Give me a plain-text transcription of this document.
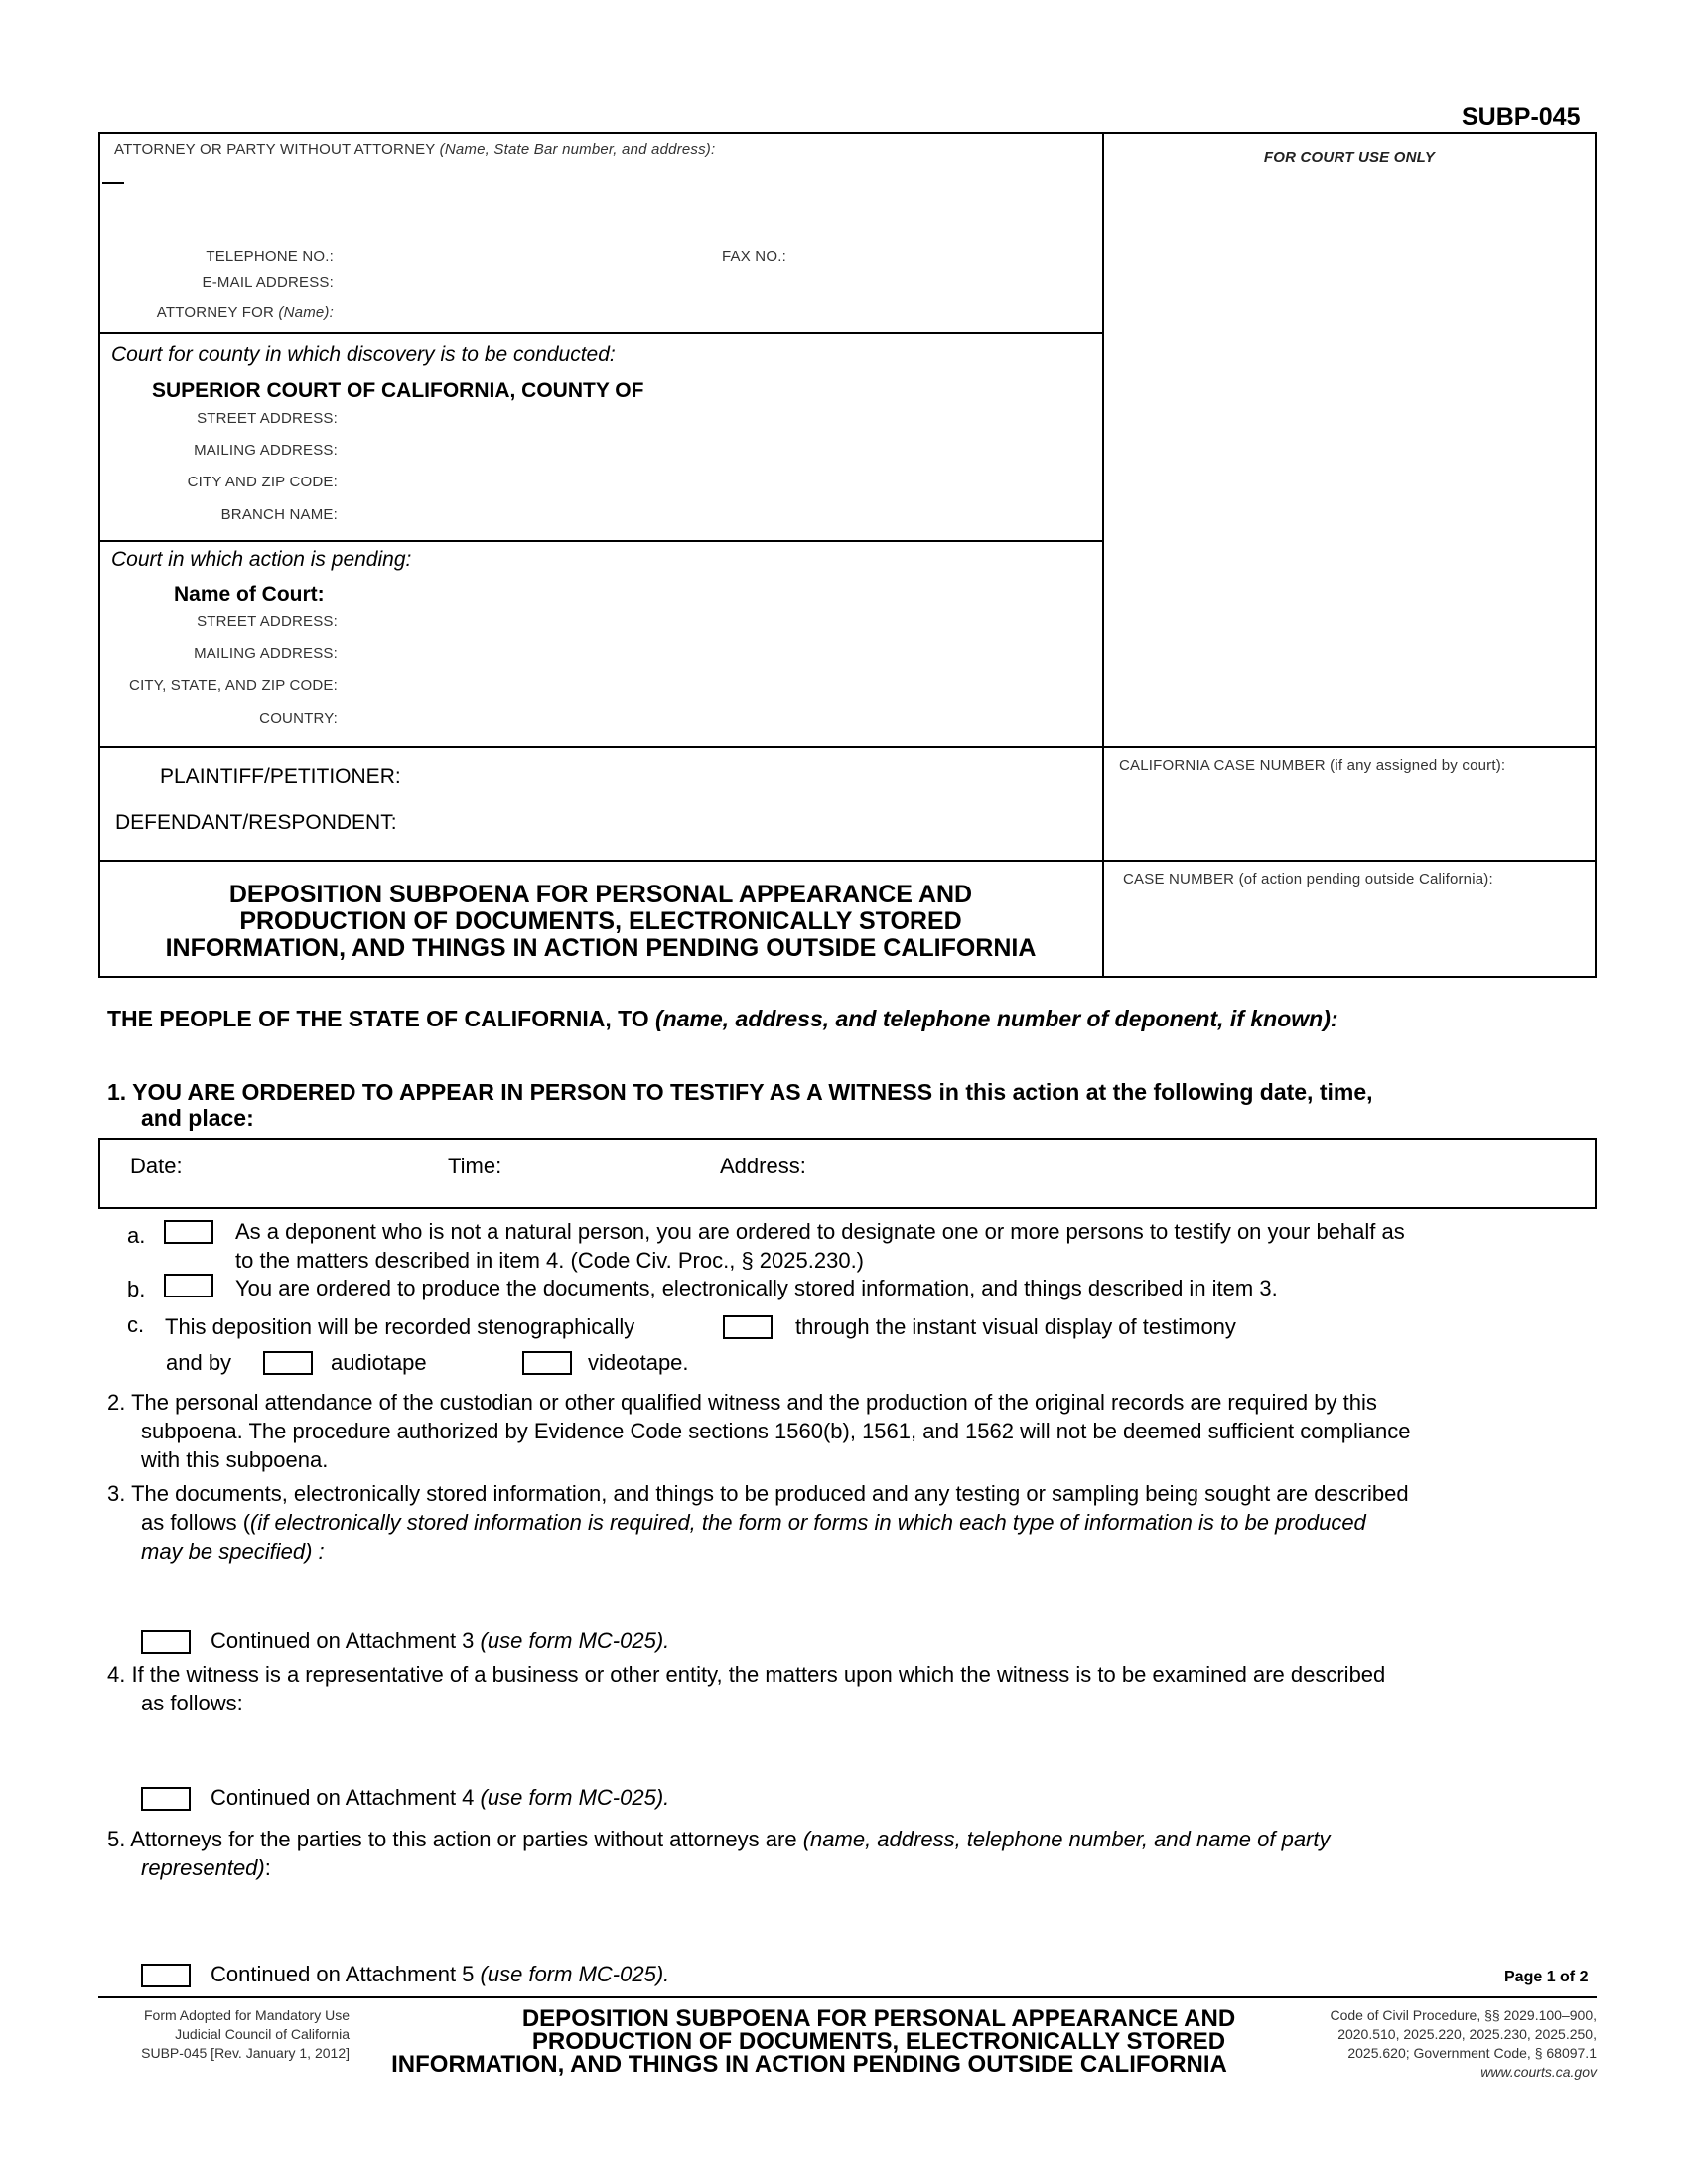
SUBP-045
ATTORNEY OR PARTY WITHOUT ATTORNEY (Name, State Bar number, and address):
TELEPHONE NO.:	FAX NO.:
E-MAIL ADDRESS:
ATTORNEY FOR (Name):
FOR COURT USE ONLY
Court for county in which discovery is to be conducted:
SUPERIOR COURT OF CALIFORNIA, COUNTY OF
STREET ADDRESS:
MAILING ADDRESS:
CITY AND ZIP CODE:
BRANCH NAME:
Court in which action is pending:
Name of Court:
STREET ADDRESS:
MAILING ADDRESS:
CITY, STATE, AND ZIP CODE:
COUNTRY:
PLAINTIFF/PETITIONER:
DEFENDANT/RESPONDENT:
CALIFORNIA CASE NUMBER (if any assigned by court):
CASE NUMBER (of action pending outside California):
DEPOSITION SUBPOENA FOR PERSONAL APPEARANCE AND
PRODUCTION OF DOCUMENTS, ELECTRONICALLY STORED
INFORMATION, AND THINGS IN ACTION PENDING OUTSIDE CALIFORNIA
THE PEOPLE OF THE STATE OF CALIFORNIA, TO (name, address, and telephone number of deponent, if known):
1. YOU ARE ORDERED TO APPEAR IN PERSON TO TESTIFY AS A WITNESS in this action at the following date, time,
and place:
Date:	Time:	Address:
a.	As a deponent who is not a natural person, you are ordered to designate one or more persons to testify on your behalf as
to the matters described in item 4. (Code Civ. Proc., § 2025.230.)
b.	You are ordered to produce the documents, electronically stored information, and things described in item 3.
c. This deposition will be recorded stenographically	through the instant visual display of testimony
and by	audiotape	videotape.
2. The personal attendance of the custodian or other qualified witness and the production of the original records are required by this
subpoena. The procedure authorized by Evidence Code sections 1560(b), 1561, and 1562 will not be deemed sufficient compliance
with this subpoena.
3. The documents, electronically stored information, and things to be produced and any testing or sampling being sought are described
as follows ((if electronically stored information is required, the form or forms in which each type of information is to be produced
may be specified) :
Continued on Attachment 3 (use form MC-025).
4. If the witness is a representative of a business or other entity, the matters upon which the witness is to be examined are described
as follows:
Continued on Attachment 4 (use form MC-025).
5. Attorneys for the parties to this action or parties without attorneys are (name, address, telephone number, and name of party
represented):
Continued on Attachment 5 (use form MC-025).	Page 1 of 2
Form Adopted for Mandatory Use
Judicial Council of California
SUBP-045 [Rev. January 1, 2012]
DEPOSITION SUBPOENA FOR PERSONAL APPEARANCE AND
PRODUCTION OF DOCUMENTS, ELECTRONICALLY STORED
INFORMATION, AND THINGS IN ACTION PENDING OUTSIDE CALIFORNIA
Code of Civil Procedure, §§ 2029.100–900,
2020.510, 2025.220, 2025.230, 2025.250,
2025.620; Government Code, § 68097.1
www.courts.ca.gov
